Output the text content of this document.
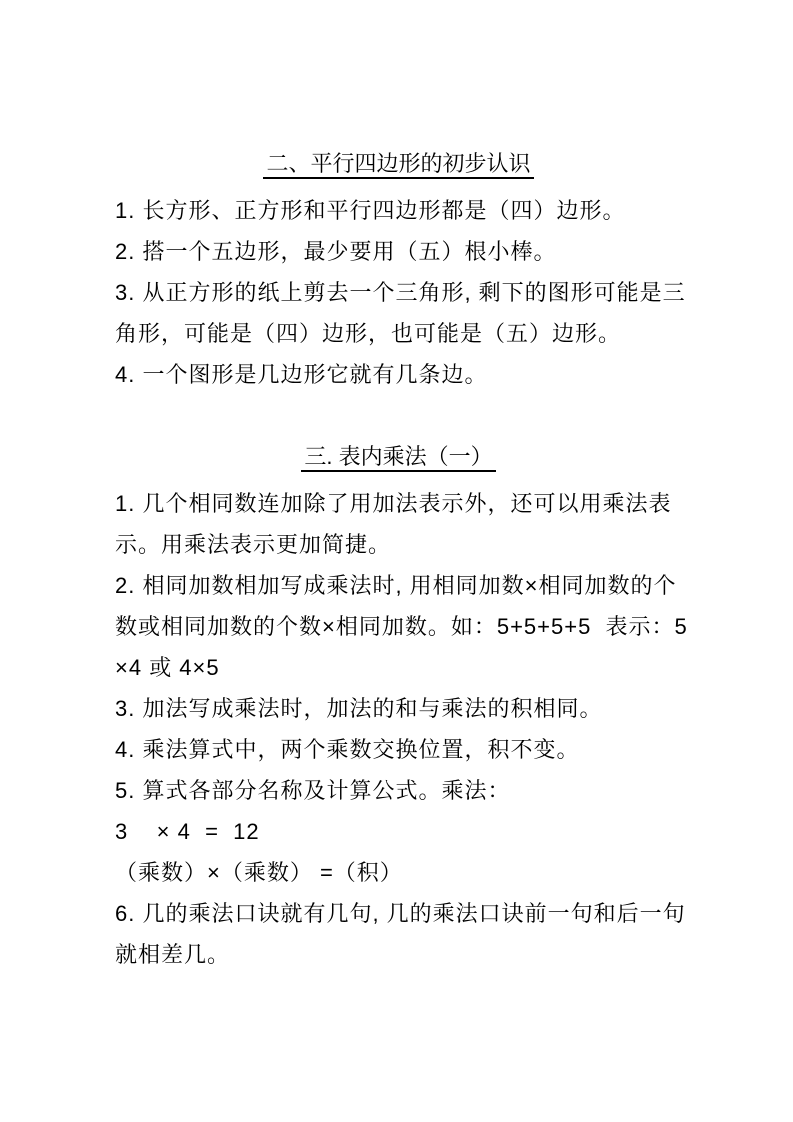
二、平行四边形的初步认识
1. 长方形、正方形和平行四边形都是（四）边形。
2. 搭一个五边形，最少要用（五）根小棒。
3. 从正方形的纸上剪去一个三角形, 剩下的图形可能是三
角形，可能是（四）边形，也可能是（五）边形。
4. 一个图形是几边形它就有几条边。
三. 表内乘法（一）
1. 几个相同数连加除了用加法表示外，还可以用乘法表
示。用乘法表示更加简捷。
2. 相同加数相加写成乘法时, 用相同加数×相同加数的个
数或相同加数的个数×相同加数。如：5+5+5+5  表示：5
×4 或 4×5
3. 加法写成乘法时，加法的和与乘法的积相同。
4. 乘法算式中，两个乘数交换位置，积不变。
5. 算式各部分名称及计算公式。乘法：
3    × 4  =  12
（乘数）×（乘数） =（积）
6. 几的乘法口诀就有几句, 几的乘法口诀前一句和后一句
就相差几。
